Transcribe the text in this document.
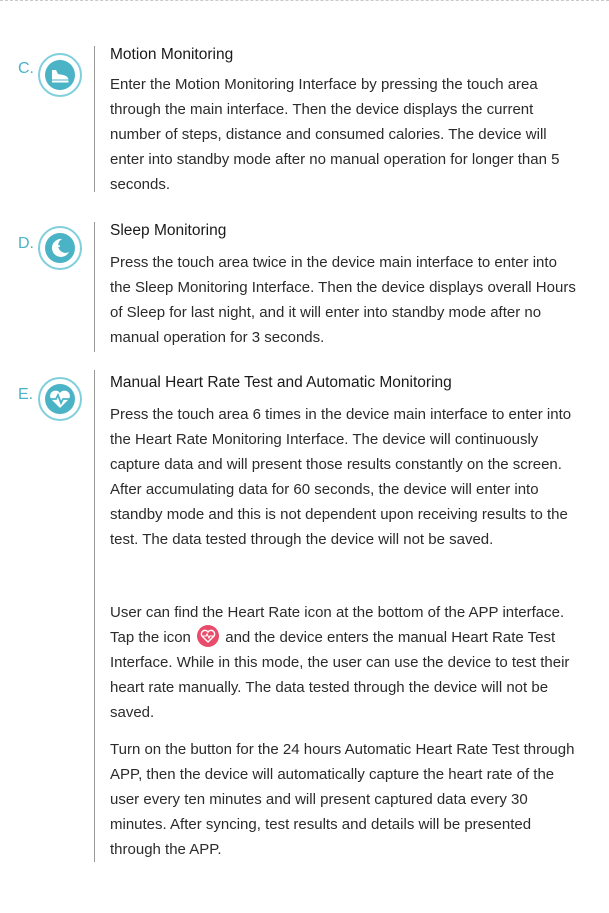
C.
Motion Monitoring

Enter the Motion Monitoring Interface by pressing the touch area through the main interface. Then the device displays the current number of steps, distance and consumed calories. The device will enter into standby mode after no manual operation for longer than 5 seconds.

D.
Sleep Monitoring

Press the touch area twice in the device main interface to enter into the Sleep Monitoring Interface. Then the device displays overall Hours of Sleep for last night, and it will enter into standby mode after no manual operation for 3 seconds.

E.
Manual Heart Rate Test and Automatic Monitoring

Press the touch area 6 times in the device main interface to enter into the Heart Rate Monitoring Interface. The device will continuously capture data and will present those results constantly on the screen. After accumulating data for 60 seconds, the device will enter into standby mode and this is not dependent upon receiving results to the test. The data tested through the device will not be saved.

User can find the Heart Rate icon at the bottom of the APP interface. Tap the icon
and the device enters the manual Heart Rate Test Interface. While in this mode, the user can use the device to test their heart rate manually. The data tested through the device will not be saved.

Turn on the button for the 24 hours Automatic Heart Rate Test through APP, then the device will automatically capture the heart rate of the user every ten minutes and will present captured data every 30 minutes. After syncing, test results and details will be presented through the APP.
